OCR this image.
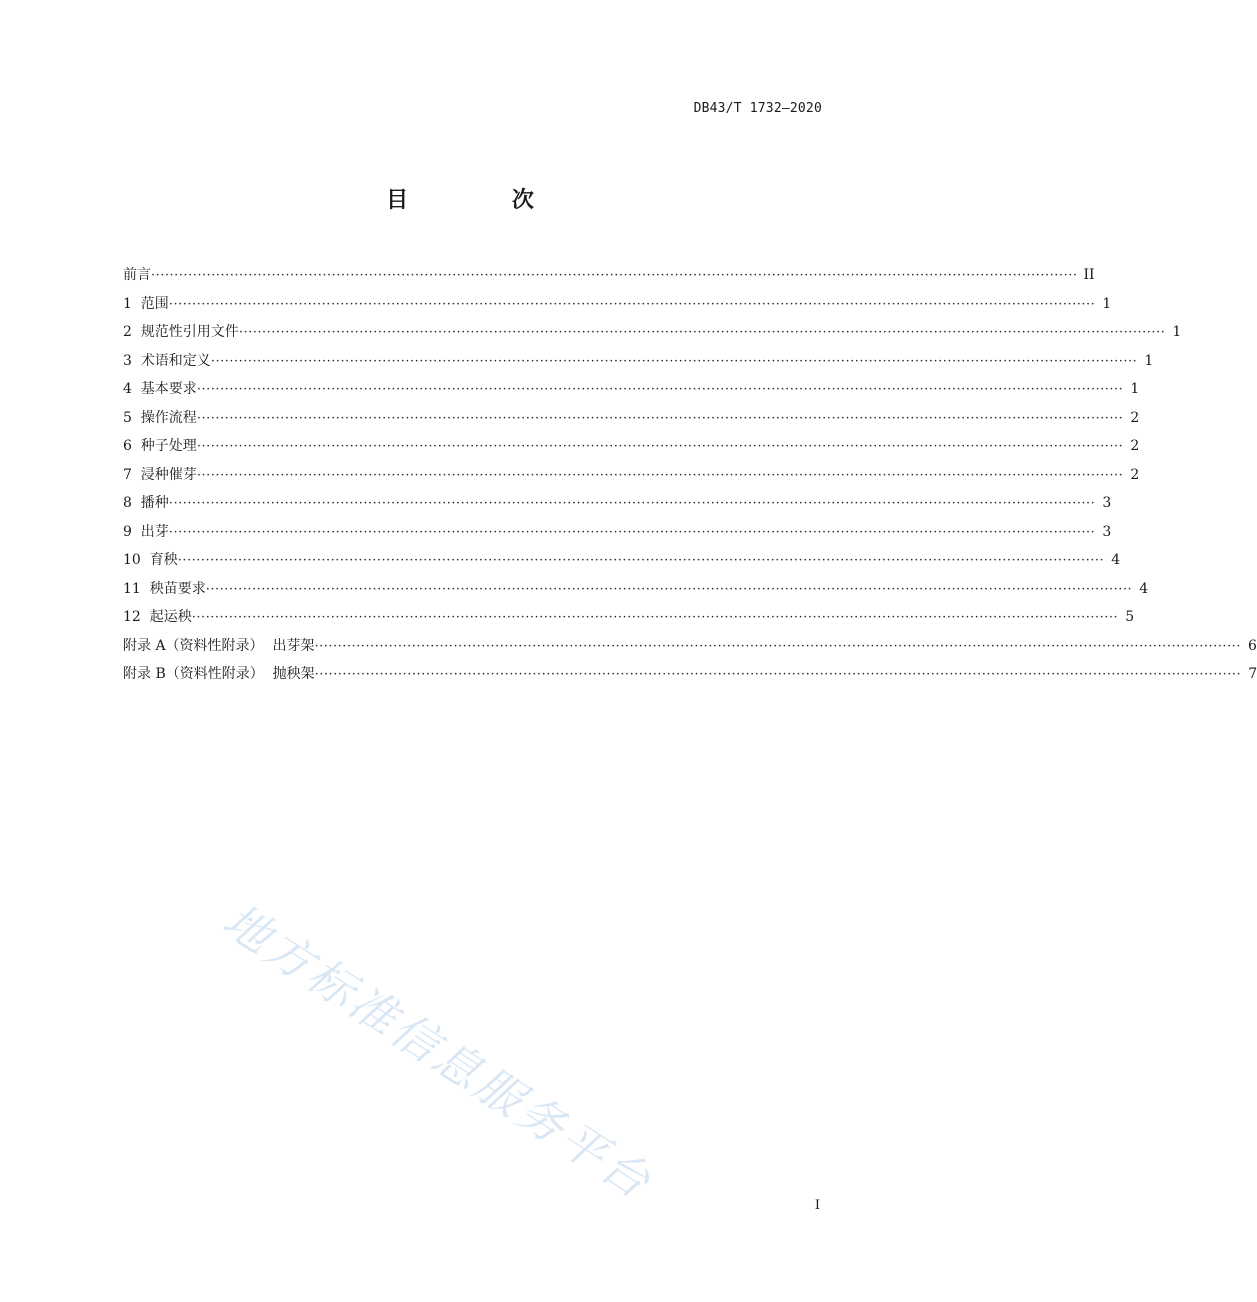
DB43/T 1732—2020
目 次
前言 ········································································································································································································ II
1  范围 ········································································································································································································ 1
2  规范性引用文件 ········································································································································································································ 1
3  术语和定义 ········································································································································································································ 1
4  基本要求 ········································································································································································································ 1
5  操作流程 ········································································································································································································ 2
6  种子处理 ········································································································································································································ 2
7  浸种催芽 ········································································································································································································ 2
8  播种 ········································································································································································································ 3
9  出芽 ········································································································································································································ 3
10  育秧 ········································································································································································································ 4
11  秧苗要求 ········································································································································································································ 4
12  起运秧 ········································································································································································································ 5
附录 A（资料性附录）  出芽架 ········································································································································································································ 6
附录 B（资料性附录）  抛秧架 ········································································································································································································ 7
地方标准信息服务平台	I
